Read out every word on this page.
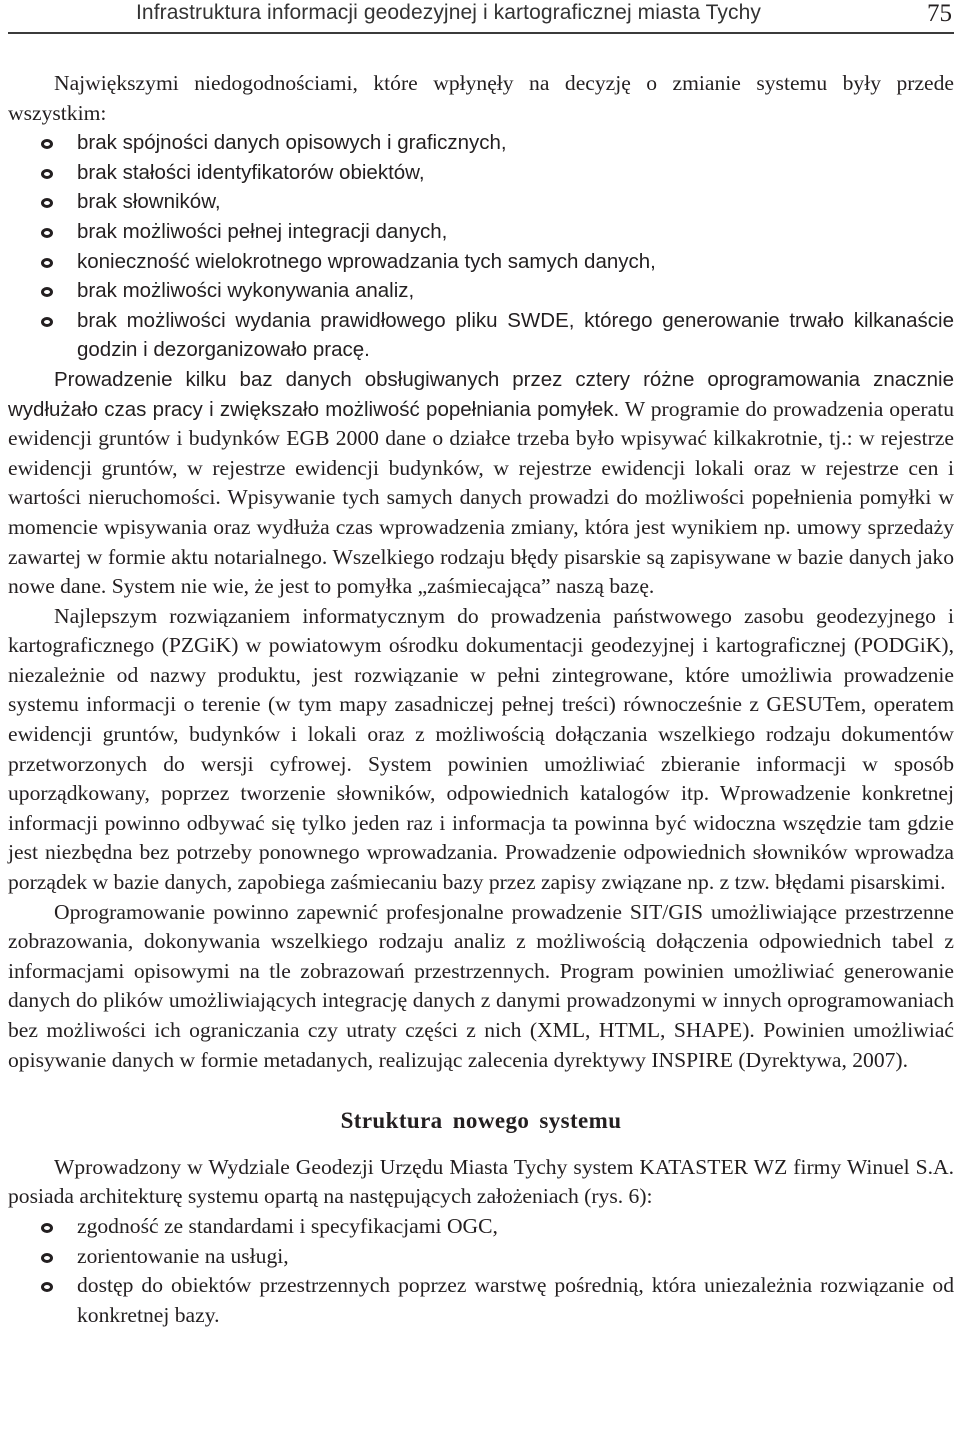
Infrastruktura informacji geodezyjnej i kartograficznej miasta Tychy	75

Największymi niedogodnościami, które wpłynęły na decyzję o zmianie systemu były przede wszystkim:

brak spójności danych opisowych i graficznych,
brak stałości identyfikatorów obiektów,
brak słowników,
brak możliwości pełnej integracji danych,
konieczność wielokrotnego wprowadzania tych samych danych,
brak możliwości wykonywania analiz,
brak możliwości wydania prawidłowego pliku SWDE, którego generowanie trwało kilkanaście godzin i dezorganizowało pracę.

Prowadzenie kilku baz danych obsługiwanych przez cztery różne oprogramowania znacznie wydłużało czas pracy i zwiększało możliwość popełniania pomyłek. W programie do prowadzenia operatu ewidencji gruntów i budynków EGB 2000 dane o działce trzeba było wpisywać kilkakrotnie, tj.: w rejestrze ewidencji gruntów, w rejestrze ewidencji budynków, w rejestrze ewidencji lokali oraz w rejestrze cen i wartości nieruchomości. Wpisywanie tych samych danych prowadzi do możliwości popełnienia pomyłki w momencie wpisywania oraz wydłuża czas wprowadzenia zmiany, która jest wynikiem np. umowy sprzedaży zawartej w formie aktu notarialnego. Wszelkiego rodzaju błędy pisarskie są zapisywane w bazie danych jako nowe dane. System nie wie, że jest to pomyłka „zaśmiecająca” naszą bazę.

Najlepszym rozwiązaniem informatycznym do prowadzenia państwowego zasobu geodezyjnego i kartograficznego (PZGiK) w powiatowym ośrodku dokumentacji geodezyjnej i kartograficznej (PODGiK), niezależnie od nazwy produktu, jest rozwiązanie w pełni zintegrowane, które umożliwia prowadzenie systemu informacji o terenie (w tym mapy zasadniczej pełnej treści) równocześnie z GESUTem, operatem ewidencji gruntów, budynków i lokali oraz z możliwością dołączania wszelkiego rodzaju dokumentów przetworzonych do wersji cyfrowej. System powinien umożliwiać zbieranie informacji w sposób uporządkowany, poprzez tworzenie słowników, odpowiednich katalogów itp. Wprowadzenie konkretnej informacji powinno odbywać się tylko jeden raz i informacja ta powinna być widoczna wszędzie tam gdzie jest niezbędna bez potrzeby ponownego wprowadzania. Prowadzenie odpowiednich słowników wprowadza porządek w bazie danych, zapobiega zaśmiecaniu bazy przez zapisy związane np. z tzw. błędami pisarskimi.

Oprogramowanie powinno zapewnić profesjonalne prowadzenie SIT/GIS umożliwiające przestrzenne zobrazowania, dokonywania wszelkiego rodzaju analiz z możliwością dołączenia odpowiednich tabel z informacjami opisowymi na tle zobrazowań przestrzennych. Program powinien umożliwiać generowanie danych do plików umożliwiających integrację danych z danymi prowadzonymi w innych oprogramowaniach bez możliwości ich ograniczania czy utraty części z nich (XML, HTML, SHAPE). Powinien umożliwiać opisywanie danych w formie metadanych, realizując zalecenia dyrektywy INSPIRE (Dyrektywa, 2007).

Struktura nowego systemu

Wprowadzony w Wydziale Geodezji Urzędu Miasta Tychy system KATASTER WZ firmy Winuel S.A. posiada architekturę systemu opartą na następujących założeniach (rys. 6):

zgodność ze standardami i specyfikacjami OGC,
zorientowanie na usługi,
dostęp do obiektów przestrzennych poprzez warstwę pośrednią, która uniezależnia rozwiązanie od konkretnej bazy.
